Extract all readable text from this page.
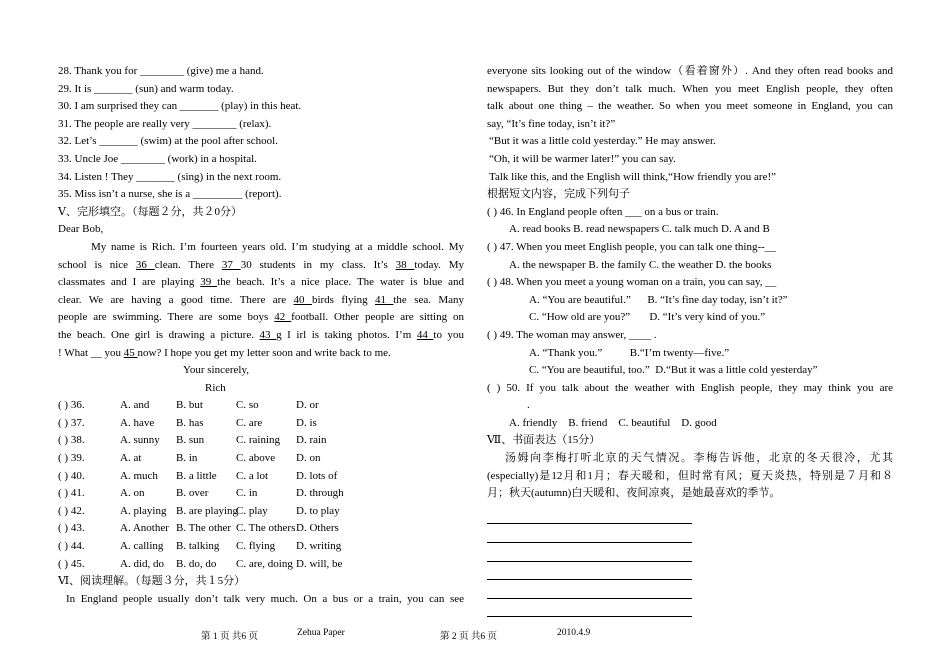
28. Thank you for ________ (give) me a hand.
29. It is _______ (sun) and warm today.
30. I am surprised they can _______ (play) in this heat.
31. The people are really very ________ (relax).
32. Let’s _______ (swim) at the pool after school.
33. Uncle Joe ________ (work) in a hospital.
34. Listen ! They _______ (sing) in the next room.
35. Miss isn’t a nurse, she is a _________ (report).
Ⅴ、完形填空。（每题２分，共２0分）
Dear Bob,
My name is Rich. I’m fourteen years old. I’m studying at a middle school. My
school is nice 36 clean. There 37 30 students in my class. It’s 38 today. My
classmates and I are playing 39 the beach. It’s a nice place. The water is blue and
clear. We are having a good time. There are 40 birds flying 41 the sea. Many
people are swimming. There are some boys 42 football. Other people are sitting on
the beach. One girl is drawing a picture. 43 g I irl is taking photos. I’m 44 to you
! What __ you 45 now? I hope you get my letter soon and write back to me.
Your sincerely,
Rich
( ) 36.	A. and B. but	C. so	D. or
( ) 37.	A. have B. has	C. are	D. is
( ) 38.	A. sunny B. sun	C. raining D. rain
( ) 39.	A. at	B. in	C. above D. on
( ) 40.	A. much B. a little C. a lot	D. lots of
( ) 41.	A. on	B. over	C. in	D. through
( ) 42.	A. playing B. are playingC. play	D. to play
( ) 43.	A. Another B. The other C. The othersD. Others
( ) 44.	A. calling B. talking C. flying D. writing
( ) 45.	A. did, do B. do, do C. are, doing D. will, be
Ⅵ、阅读理解。（每题３分，共１5分）
In England people usually don’t talk very much. On a bus or a train, you can see
everyone sits looking out of the window（看着窗外）. And they often read books and
newspapers. But they don’t talk much. When you meet English people, they often
talk about one thing – the weather. So when you meet someone in England, you can
say, “It’s fine today, isn’t it?”
“But it was a little cold yesterday.” He may answer.
“Oh, it will be warmer later!” you can say.
Talk like this, and the English will think,“How friendly you are!”
根据短文内容，完成下列句子
( ) 46. In England people often ___ on a bus or train.
A. read books B. read newspapers C. talk much D. A and B
( ) 47. When you meet English people, you can talk one thing--__
A. the newspaper B. the family C. the weather D. the books
( ) 48. When you meet a young woman on a train, you can say, __
A. “You are beautiful.”      B. “It’s fine day today, isn’t it?”
C. “How old are you?”       D. “It’s very kind of you.”
( ) 49. The woman may answer, ____ .
A. “Thank you.”          B.“I’m twenty—five.”
C. “You are beautiful, too.”  D.“But it was a little cold yesterday”
( ) 50. If you talk about the weather with English people, they may think you are
.
A. friendly    B. friend    C. beautiful    D. good
Ⅶ、书面表达（15分）
汤姆向李梅打听北京的天气情况。李梅告诉他，北京的冬天很冷，尤其
(especially)是12月和1月；春天暖和，但时常有风；夏天炎热，特别是７月和８
月；秋天(autumn)白天暖和、夜间凉爽，是她最喜欢的季节。
第 1 页 共6 页	Zehua Paper	第 2 页 共6 页	2010.4.9
